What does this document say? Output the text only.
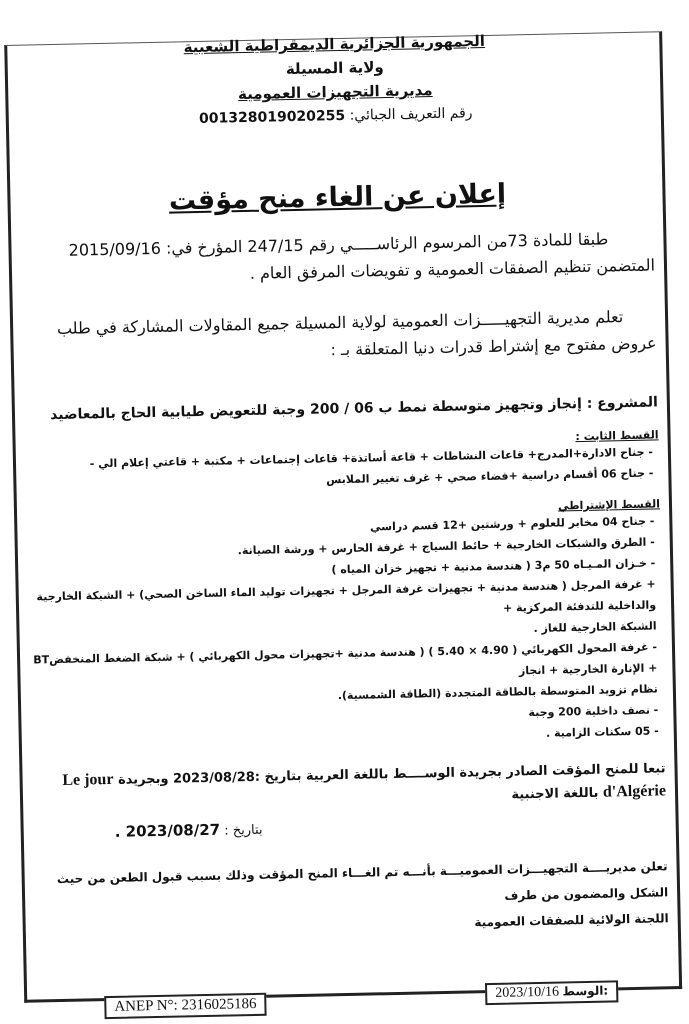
الجمهورية الجزائرية الديمقراطية الشعبية
ولاية المسيلة
مديرية التجهيزات العمومية
رقم التعريف الجبائي: 001328019020255
إعلان عن الغاء منح مؤقت

طبقا للمادة 73من المرسوم الرئاســـــي رقم 247/15 المؤرخ في: 2015/09/16

المتضمن تنظيم الصفقات العمومية و تفويضات المرفق العام .

تعلم مديرية التجهيـــــزات العمومية لولاية المسيلة جميع المقاولات المشاركة في طلب

عروض مفتوح مع إشتراط قدرات دنيا المتعلقة بـ :

المشروع : إنجاز وتجهيز متوسطة نمط ب 06 / 200 وجبة للتعويض طيابية الحاج بالمعاضيد
القسط الثابت :
- جناح الادارة+المدرج+ قاعات النشاطات + قاعة أساتذة+ قاعات إجتماعات + مكتبة + قاعتي إعلام الي -
- جناح 06 أقسام دراسية +فضاء صحي + غرف تغيير الملابس
القسط الإشتراطي
- جناح 04 مخابر للعلوم + ورشتين +12 قسم دراسي
- الطرق والشبكات الخارجية + حائط السياج + غرفة الحارس + ورشة الصيانة.
- خـزان المـيـاه 50 م3 ( هندسة مدنية + تجهيز خزان المياه )
+ غرفة المرجل ( هندسة مدنية + تجهيزات غرفة المرجل + تجهيزات توليد الماء الساخن الصحي) + الشبكة الخارجية والداخلية للتدفئة المركزية +
الشبكة الخارجية للغاز .
- غرفة المحول الكهربائي ( 4.90 × 5.40 ) ( هندسة مدنية +تجهيزات محول الكهربائي ) + شبكة الضغط المنخفضBT + الإنارة الخارجية + انجاز
نظام تزويد المتوسطة بالطاقة المتجددة (الطاقة الشمسية).
- نصف داخلية 200 وجبة
- 05 سكنات الزامية .
تبعا للمنح المؤقت الصادر بجريدة الوســــط باللغة العربية بتاريخ :2023/08/28 وبجريدة Le jour d'Algérie باللغة الاجنبية
بتاريخ : 2023/08/27 .
تعلن مديريــــة التجهيـــزات العموميـــة بأنـــه تم الغـــاء المنح المؤقت وذلك بسبب قبول الطعن من حيث الشكل والمضمون من طرف
اللجنة الولائية للصفقات العمومية
ANEP N°: 2316025186
2023/10/16 الوسط:
